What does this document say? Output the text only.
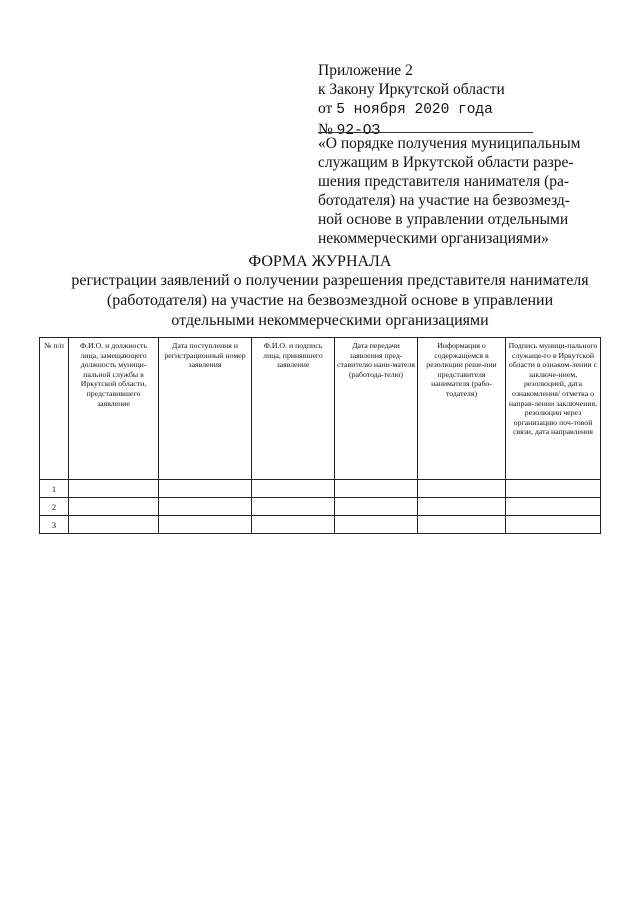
Приложение 2
к Закону Иркутской области
от 5 ноября 2020 года
№ 92-ОЗ
«О порядке получения муниципальным
служащим в Иркутской области разре-
шения представителя нанимателя (ра-
ботодателя) на участие на безвозмезд-
ной основе в управлении отдельными
некоммерческими организациями»
ФОРМА ЖУРНАЛА
регистрации заявлений о получении разрешения представителя нанимателя
(работодателя) на участие на безвозмездной основе в управлении
отдельными некоммерческими организациями
№ п/п	Ф.И.О. и должность лица, замещающего должность муници-пальной службы в Иркутской области, представившего заявление	Дата поступления и регистрационный номер заявления	Ф.И.О. и подпись лица, принявшего заявление	Дата передачи заявления пред-ставителю нани-мателя (работода-телю)	Информация о содержащемся в резолюции реше-нии представителя нанимателя (рабо-тодателя)	Подпись муници-пального служаще-го в Иркутской области в ознаком-лении с заключе-нием, резолюцией, дата ознакомления/ отметка о направ-лении заключения, резолюции через организацию поч-товой связи, дата направления
1						
2						
3						
